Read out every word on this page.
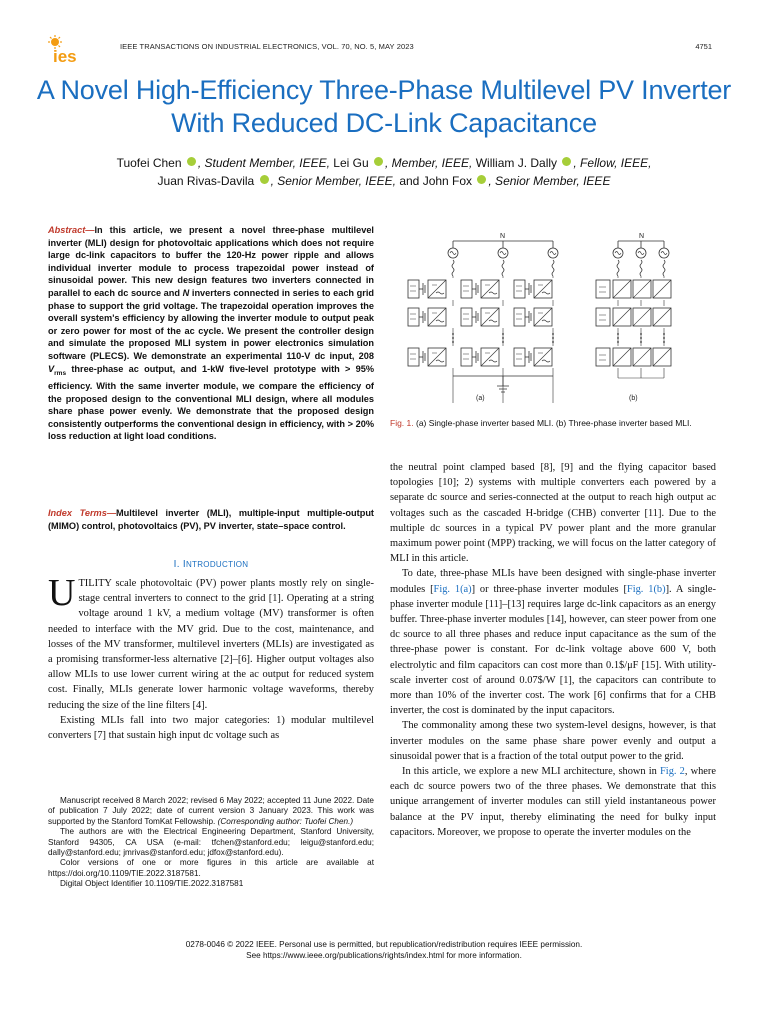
ies
IEEE TRANSACTIONS ON INDUSTRIAL ELECTRONICS, VOL. 70, NO. 5, MAY 2023	4751
A Novel High-Efficiency Three-Phase Multilevel PV Inverter With Reduced DC-Link Capacitance
Tuofei Chen , Student Member, IEEE, Lei Gu , Member, IEEE, William J. Dally , Fellow, IEEE,
Juan Rivas-Davila , Senior Member, IEEE, and John Fox , Senior Member, IEEE
Abstract—In this article, we present a novel three-phase multilevel inverter (MLI) design for photovoltaic applications which does not require large dc-link capacitors to buffer the 120-Hz power ripple and allows individual inverter module to process trapezoidal power instead of sinusoidal power. This new design features two inverters connected in parallel to each dc source and N inverters connected in series to each grid phase to support the grid voltage. The trapezoidal operation improves the overall system's efficiency by allowing the inverter module to output peak or zero power for most of the ac cycle. We present the controller design and simulate the proposed MLI system in power electronics simulation software (PLECS). We demonstrate an experimental 110-V dc input, 208 $V_{rms}$ three-phase ac output, and 1-kW five-level prototype with > 95% efficiency. With the same inverter module, we compare the efficiency of the proposed design to the conventional MLI design, where all modules share phase power evenly. We demonstrate that the proposed design consistently outperforms the conventional design in efficiency, with > 20% loss reduction at light load conditions.
Index Terms—Multilevel inverter (MLI), multiple-input multiple-output (MIMO) control, photovoltaics (PV), PV inverter, state–space control.
I. INTRODUCTION

UTILITY scale photovoltaic (PV) power plants mostly rely on single-stage central inverters to connect to the grid [1]. Operating at a string voltage around 1 kV, a medium voltage (MV) transformer is often needed to interface with the MV grid. Due to the cost, maintenance, and losses of the MV transformer, multilevel inverters (MLIs) are investigated as a promising transformer-less alternative [2]–[6]. Higher output voltages also allow MLIs to use lower current wiring at the ac output for reduced system cost. Finally, MLIs generate lower harmonic voltage waveforms, thereby reducing the size of the line filters [4].

Existing MLIs fall into two major categories: 1) modular multilevel converters [7] that sustain high input dc voltage such as

Manuscript received 8 March 2022; revised 6 May 2022; accepted 11 June 2022. Date of publication 7 July 2022; date of current version 3 January 2023. This work was supported by the Stanford TomKat Fellowship. (Corresponding author: Tuofei Chen.)

The authors are with the Electrical Engineering Department, Stanford University, Stanford 94305, CA USA (e-mail: tfchen@stanford.edu; leigu@stanford.edu; dally@stanford.edu; jmrivas@stanford.edu; jdfox@stanford.edu).

Color versions of one or more figures in this article are available at https://doi.org/10.1109/TIE.2022.3187581.

Digital Object Identifier 10.1109/TIE.2022.3187581

N
(a)
N
(b)
Fig. 1. (a) Single-phase inverter based MLI. (b) Three-phase inverter based MLI.

the neutral point clamped based [8], [9] and the flying capacitor based topologies [10]; 2) systems with multiple converters each powered by a separate dc source and series-connected at the output to reach high output ac voltages such as the cascaded H-bridge (CHB) converter [11]. Due to the multiple dc sources in a typical PV power plant and the more granular maximum power point (MPP) tracking, we will focus on the latter category of MLI in this article.

To date, three-phase MLIs have been designed with single-phase inverter modules [Fig. 1(a)] or three-phase inverter modules [Fig. 1(b)]. A single-phase inverter module [11]–[13] requires large dc-link capacitors as an energy buffer. Three-phase inverter modules [14], however, can steer power from one dc source to all three phases and reduce input capacitance as the sum of the three-phase power is constant. For dc-link voltage above 600 V, both electrolytic and film capacitors can cost more than 0.1$/μF [15]. With utility-scale inverter cost of around 0.07$/W [1], the capacitors can contribute to more than 10% of the inverter cost. The work [6] confirms that for a CHB inverter, the cost is dominated by the input capacitors.

The commonality among these two system-level designs, however, is that inverter modules on the same phase share power evenly and output a sinusoidal power that is a fraction of the total output power to the grid.

In this article, we explore a new MLI architecture, shown in Fig. 2, where each dc source powers two of the three phases. We demonstrate that this unique arrangement of inverter modules can still yield instantaneous power balance at the PV input, thereby eliminating the need for bulky input capacitors. Moreover, we propose to operate the inverter modules on the

0278-0046 © 2022 IEEE. Personal use is permitted, but republication/redistribution requires IEEE permission.
See https://www.ieee.org/publications/rights/index.html for more information.
